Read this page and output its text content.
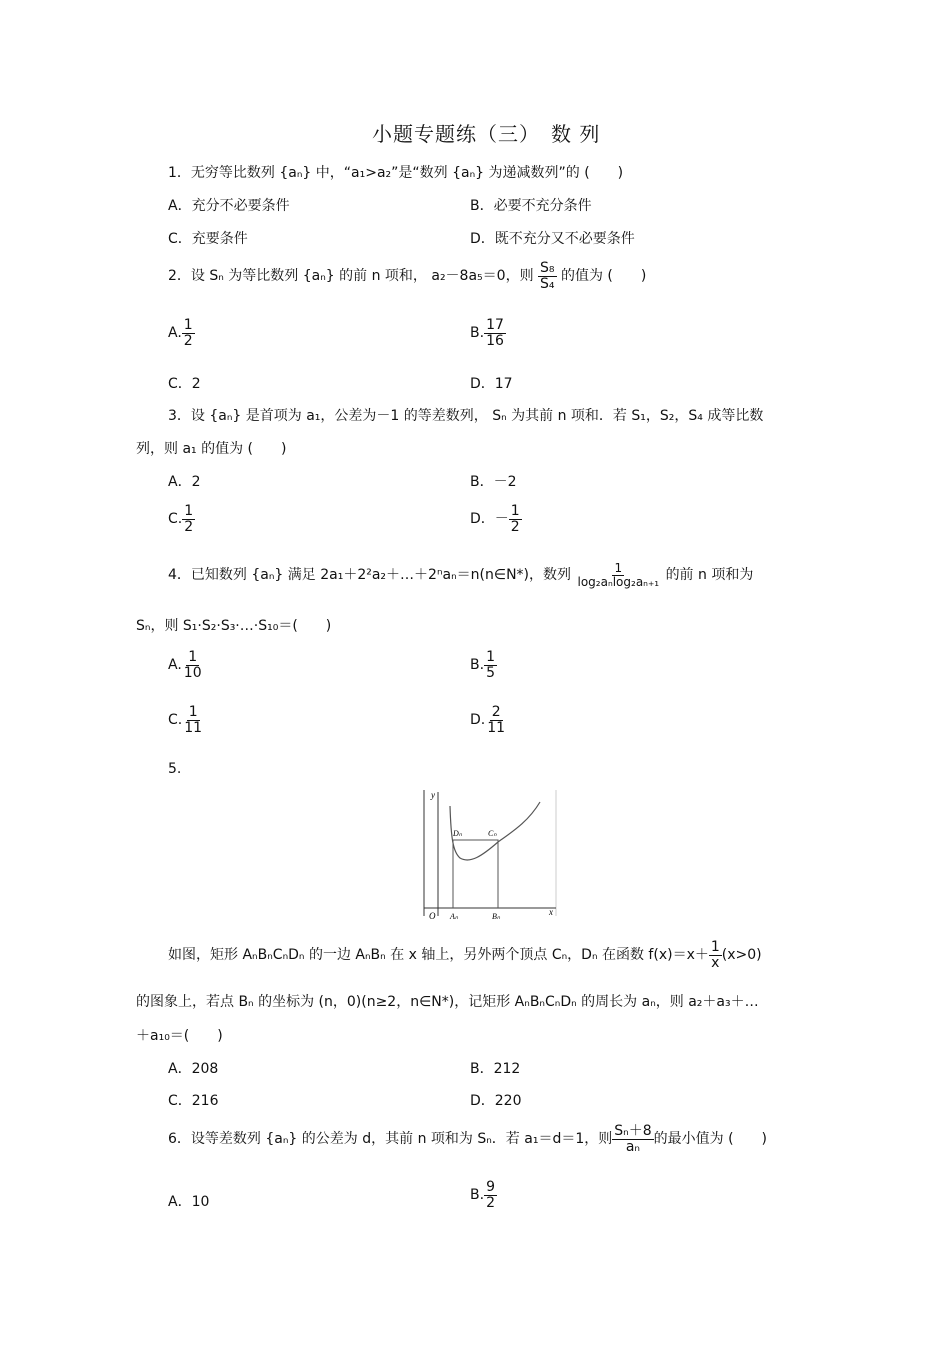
小题专题练（三）　数 列
1．无穷等比数列 {aₙ} 中，“a₁>a₂”是“数列 {aₙ} 为递减数列”的 (　　)
A．充分不必要条件	B．必要不充分条件
C．充要条件	D．既不充分又不必要条件
2．设 Sₙ 为等比数列 {aₙ} 的前 n 项和， a₂－8a₅＝0，则 $\frac{\text{S₈}}{\text{S₄}}$ 的值为 (　　)
A. $\frac{1}{2}$	B. $\frac{17}{16}$
C．2	D．17
3．设 {aₙ} 是首项为 a₁，公差为－1 的等差数列， Sₙ 为其前 n 项和．若 S₁，S₂，S₄ 成等比数
列，则 a₁ 的值为 (　　)
A．2	B．－2
C. $\frac{1}{2}$	D．－ $\frac{1}{2}$
4．已知数列 {aₙ} 满足 2a₁＋2²a₂＋…＋2ⁿaₙ＝n(n∈N*)，数列 $\frac{1}{\text{log₂aₙlog₂aₙ₊₁}}$ 的前 n 项和为
Sₙ，则 S₁·S₂·S₃·…·S₁₀＝(　　)
A. $\frac{1}{10}$	B. $\frac{1}{5}$
C. $\frac{1}{11}$	D. $\frac{2}{11}$
5.
y
x
O Aₙ	Bₙ
Cₙ
Dₙ
如图，矩形 AₙBₙCₙDₙ 的一边 AₙBₙ 在 x 轴上，另外两个顶点 Cₙ，Dₙ 在函数 $f(x)=x+ \frac{1}{x} (x>0)$
的图象上，若点 Bₙ 的坐标为 (n，0)(n≥2，n∈N*)，记矩形 AₙBₙCₙDₙ 的周长为 aₙ，则 a₂＋a₃＋…
＋a₁₀＝(　　)
A．208	B．212
C．216	D．220
6．设等差数列 {aₙ} 的公差为 d，其前 n 项和为 Sₙ．若 a₁＝d＝1，则 $\frac{\text{Sₙ＋8}}{\text{aₙ}}$ 的最小值为 (　　)
A．10	B. $\frac{9}{2}$
